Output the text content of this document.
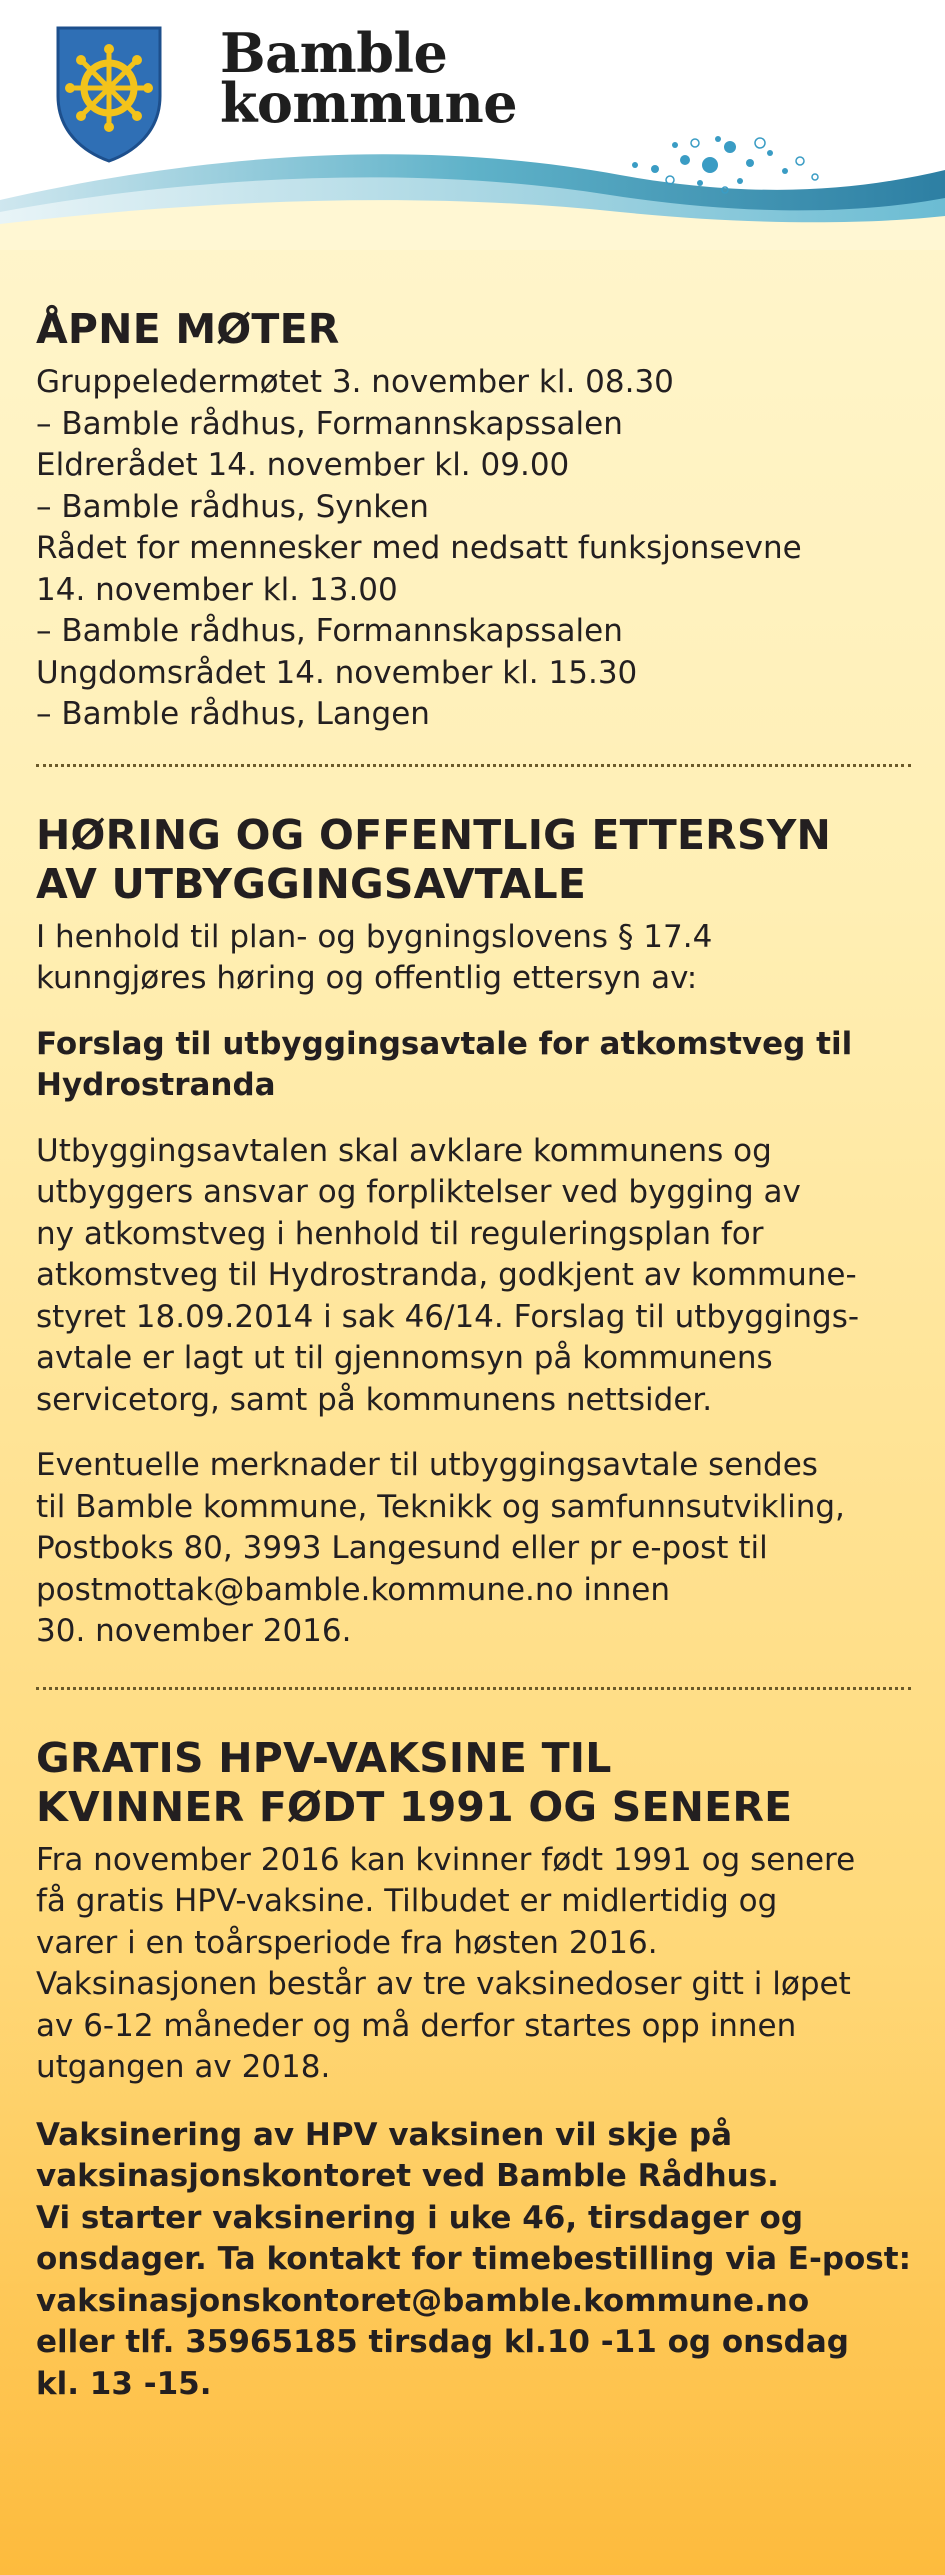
Bamble
kommune
ÅPNE MØTER

Gruppeledermøtet 3. november kl. 08.30

– Bamble rådhus, Formannskapssalen

Eldrerådet 14. november kl. 09.00

– Bamble rådhus, Synken

Rådet for mennesker med nedsatt funksjonsevne

14. november kl. 13.00

– Bamble rådhus, Formannskapssalen

Ungdomsrådet 14. november kl. 15.30

– Bamble rådhus, Langen

HØRING OG OFFENTLIG ETTERSYN
AV UTBYGGINGSAVTALE

I henhold til plan- og bygningslovens § 17.4

kunngjøres høring og offentlig ettersyn av:

Forslag til utbyggingsavtale for atkomstveg til

Hydrostranda

Utbyggingsavtalen skal avklare kommunens og

utbyggers ansvar og forpliktelser ved bygging av

ny atkomstveg i henhold til reguleringsplan for

atkomstveg til Hydrostranda, godkjent av kommune-

styret 18.09.2014 i sak 46/14. Forslag til utbyggings-

avtale er lagt ut til gjennomsyn på kommunens

servicetorg, samt på kommunens nettsider.

Eventuelle merknader til utbyggingsavtale sendes

til Bamble kommune, Teknikk og samfunnsutvikling,

Postboks 80, 3993 Langesund eller pr e-post til

postmottak@bamble.kommune.no innen

30. november 2016.

GRATIS HPV-VAKSINE TIL
KVINNER FØDT 1991 OG SENERE

Fra november 2016 kan kvinner født 1991 og senere

få gratis HPV-vaksine. Tilbudet er midlertidig og

varer i en toårsperiode fra høsten 2016.

Vaksinasjonen består av tre vaksinedoser gitt i løpet

av 6-12 måneder og må derfor startes opp innen

utgangen av 2018.

Vaksinering av HPV vaksinen vil skje på

vaksinasjonskontoret ved Bamble Rådhus.

Vi starter vaksinering i uke 46, tirsdager og

onsdager. Ta kontakt for timebestilling via E-post:

vaksinasjonskontoret@bamble.kommune.no

eller tlf. 35965185 tirsdag kl.10 -11 og onsdag

kl. 13 -15.
